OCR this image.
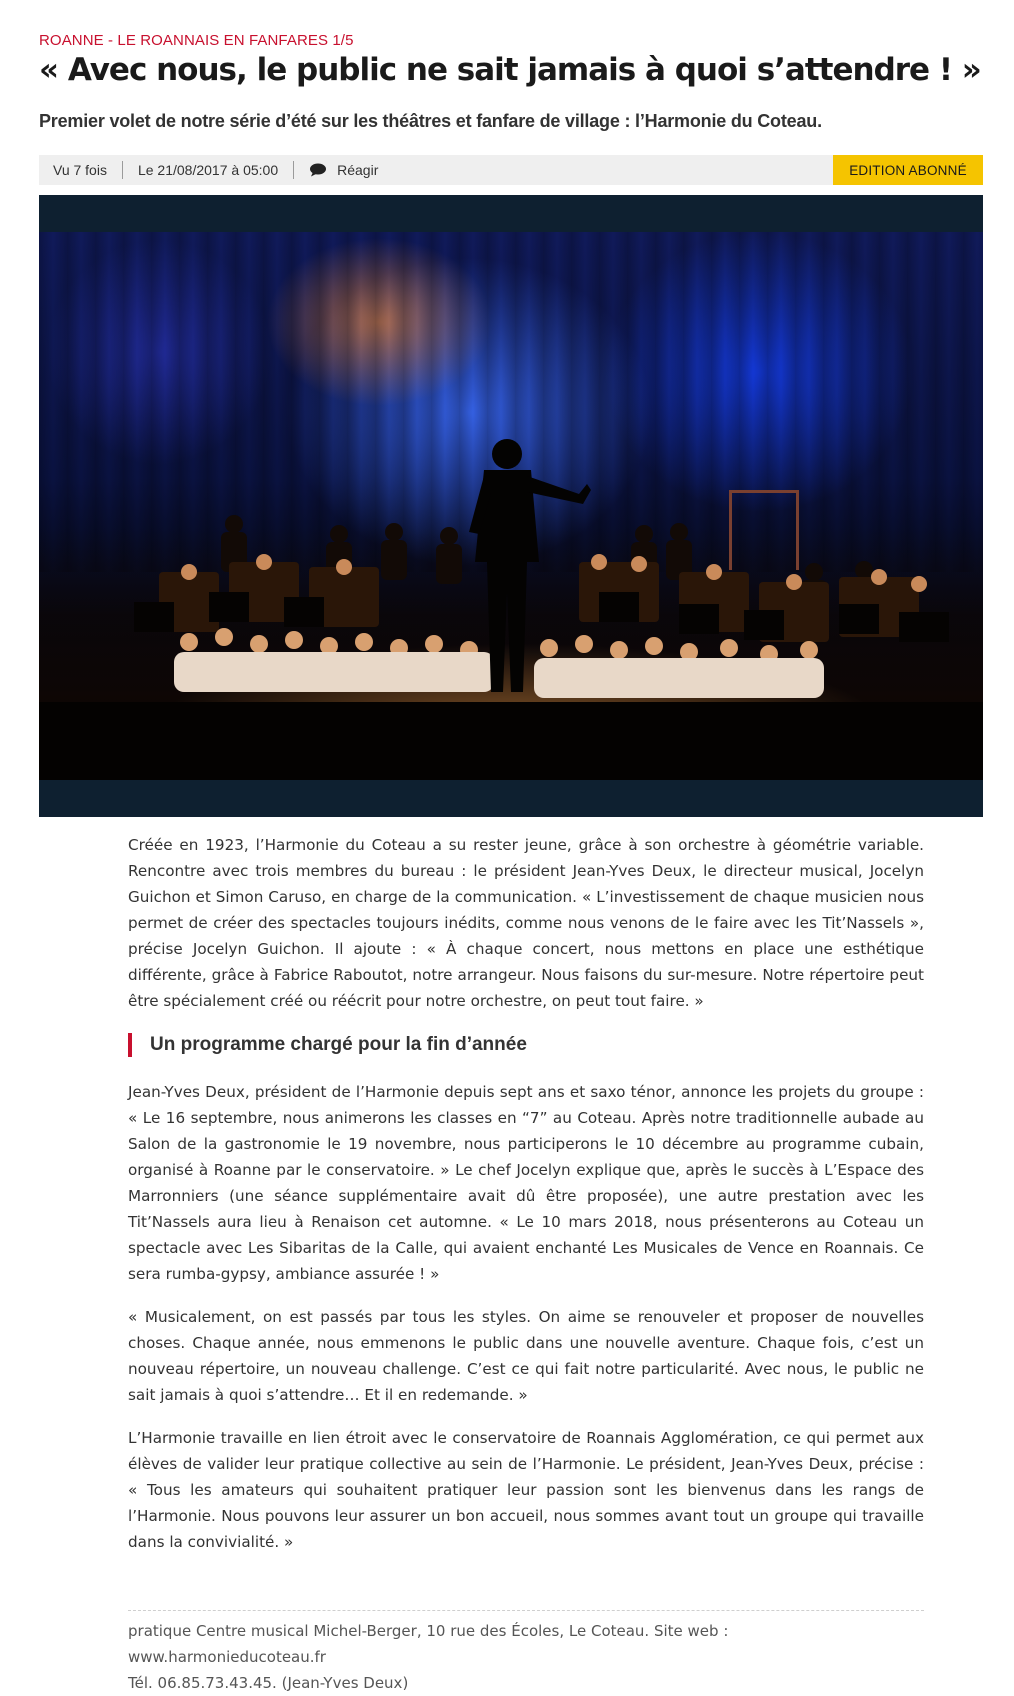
ROANNE - LE ROANNAIS EN FANFARES 1/5
« Avec nous, le public ne sait jamais à quoi s’attendre ! »
Premier volet de notre série d’été sur les théâtres et fanfare de village : l’Harmonie du Coteau.
Vu 7 fois	Le 21/08/2017 à 05:00	Réagir	EDITION ABONNÉ

Créée en 1923, l’Harmonie du Coteau a su rester jeune, grâce à son orchestre à géométrie variable. Rencontre avec trois membres du bureau : le président Jean-Yves Deux, le directeur musical, Jocelyn Guichon et Simon Caruso, en charge de la communication. « L’investissement de chaque musicien nous permet de créer des spectacles toujours inédits, comme nous venons de le faire avec les Tit’Nassels », précise Jocelyn Guichon. Il ajoute : « À chaque concert, nous mettons en place une esthétique différente, grâce à Fabrice Raboutot, notre arrangeur. Nous faisons du sur-mesure. Notre répertoire peut être spécialement créé ou réécrit pour notre orchestre, on peut tout faire. »

Un programme chargé pour la fin d’année

Jean-Yves Deux, président de l’Harmonie depuis sept ans et saxo ténor, annonce les projets du groupe : « Le 16 septembre, nous animerons les classes en “7” au Coteau. Après notre traditionnelle aubade au Salon de la gastronomie le 19 novembre, nous participerons le 10 décembre au programme cubain, organisé à Roanne par le conservatoire. » Le chef Jocelyn explique que, après le succès à L’Espace des Marronniers (une séance supplémentaire avait dû être proposée), une autre prestation avec les Tit’Nassels aura lieu à Renaison cet automne. « Le 10 mars 2018, nous présenterons au Coteau un spectacle avec Les Sibaritas de la Calle, qui avaient enchanté Les Musicales de Vence en Roannais. Ce sera rumba-gypsy, ambiance assurée ! »

« Musicalement, on est passés par tous les styles. On aime se renouveler et proposer de nouvelles choses. Chaque année, nous emmenons le public dans une nouvelle aventure. Chaque fois, c’est un nouveau répertoire, un nouveau challenge. C’est ce qui fait notre particularité. Avec nous, le public ne sait jamais à quoi s’attendre… Et il en redemande. »

L’Harmonie travaille en lien étroit avec le conservatoire de Roannais Agglomération, ce qui permet aux élèves de valider leur pratique collective au sein de l’Harmonie. Le président, Jean-Yves Deux, précise : « Tous les amateurs qui souhaitent pratiquer leur passion sont les bienvenus dans les rangs de l’Harmonie. Nous pouvons leur assurer un bon accueil, nous sommes avant tout un groupe qui travaille dans la convivialité. »

pratique Centre musical Michel-Berger, 10 rue des Écoles, Le Coteau. Site web : www.harmonieducoteau.fr
Tél. 06.85.73.43.45. (Jean-Yves Deux)
